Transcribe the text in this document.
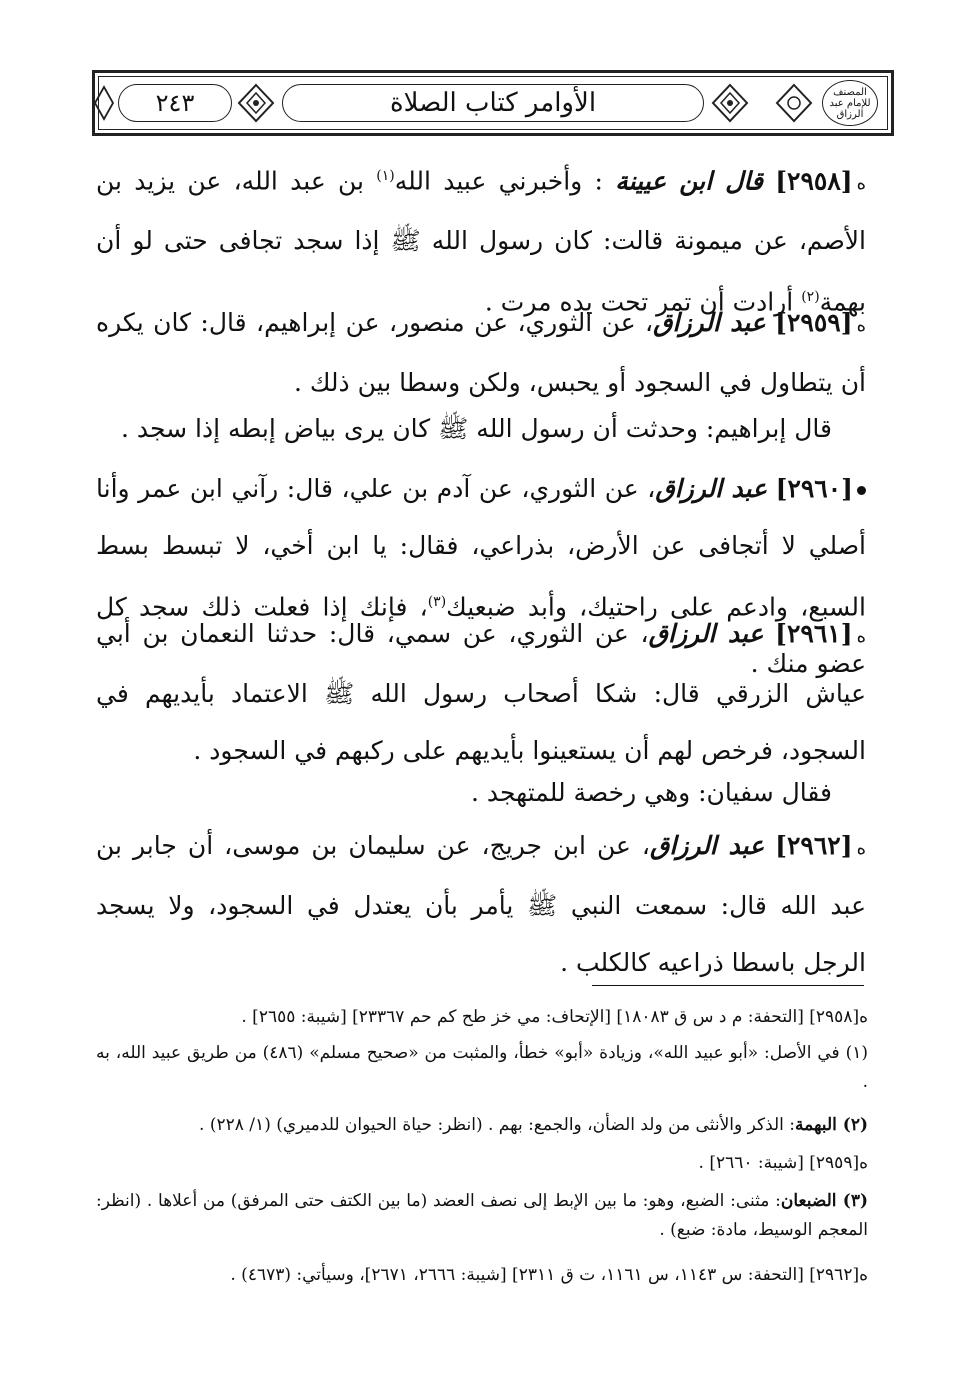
٢٤٣	الأوامر كتاب الصلاة	المصنف للإمام عبد الرزاق
ه[٢٩٥٨] قال ابن عيينة : وأخبرني عبيد الله$^{(١)}$ بن عبد الله، عن يزيد بن الأصم، عن ميمونة قالت: كان رسول الله ﷺ إذا سجد تجافى حتى لو أن بهمة$^{(٢)}$ أرادت أن تمر تحت يده مرت .
ه[٢٩٥٩] عبد الرزاق، عن الثوري، عن منصور، عن إبراهيم، قال: كان يكره أن يتطاول في السجود أو يحبس، ولكن وسطا بين ذلك .
قال إبراهيم: وحدثت أن رسول الله ﷺ كان يرى بياض إبطه إذا سجد .
[٢٩٦٠] عبد الرزاق، عن الثوري، عن آدم بن علي، قال: رآني ابن عمر وأنا أصلي لا أتجافى عن الأرض، بذراعي، فقال: يا ابن أخي، لا تبسط بسط السبع، وادعم على راحتيك، وأبد ضبعيك$^{(٣)}$، فإنك إذا فعلت ذلك سجد كل عضو منك .
ه[٢٩٦١] عبد الرزاق، عن الثوري، عن سمي، قال: حدثنا النعمان بن أبي عياش الزرقي قال: شكا أصحاب رسول الله ﷺ الاعتماد بأيديهم في السجود، فرخص لهم أن يستعينوا بأيديهم على ركبهم في السجود .
فقال سفيان: وهي رخصة للمتهجد .
ه[٢٩٦٢] عبد الرزاق، عن ابن جريج، عن سليمان بن موسى، أن جابر بن عبد الله قال: سمعت النبي ﷺ يأمر بأن يعتدل في السجود، ولا يسجد الرجل باسطا ذراعيه كالكلب .
ه[٢٩٥٨] [التحفة: م د س ق ١٨٠٨٣] [الإتحاف: مي خز طح كم حم ٢٣٣٦٧] [شيبة: ٢٦٥٥] .
(١) في الأصل: «أبو عبيد الله»، وزيادة «أبو» خطأ، والمثبت من «صحيح مسلم» (٤٨٦) من طريق عبيد الله، به .
(٢) البهمة: الذكر والأنثى من ولد الضأن، والجمع: بهم . (انظر: حياة الحيوان للدميري) (١/ ٢٢٨) .
ه[٢٩٥٩] [شيبة: ٢٦٦٠] .
(٣) الضبعان: مثنى: الضبع، وهو: ما بين الإبط إلى نصف العضد (ما بين الكتف حتى المرفق) من أعلاها . (انظر: المعجم الوسيط، مادة: ضبع) .
ه[٢٩٦٢] [التحفة: س ١١٤٣، س ١١٦١، ت ق ٢٣١١] [شيبة: ٢٦٦٦، ٢٦٧١]، وسيأتي: (٤٦٧٣) .
